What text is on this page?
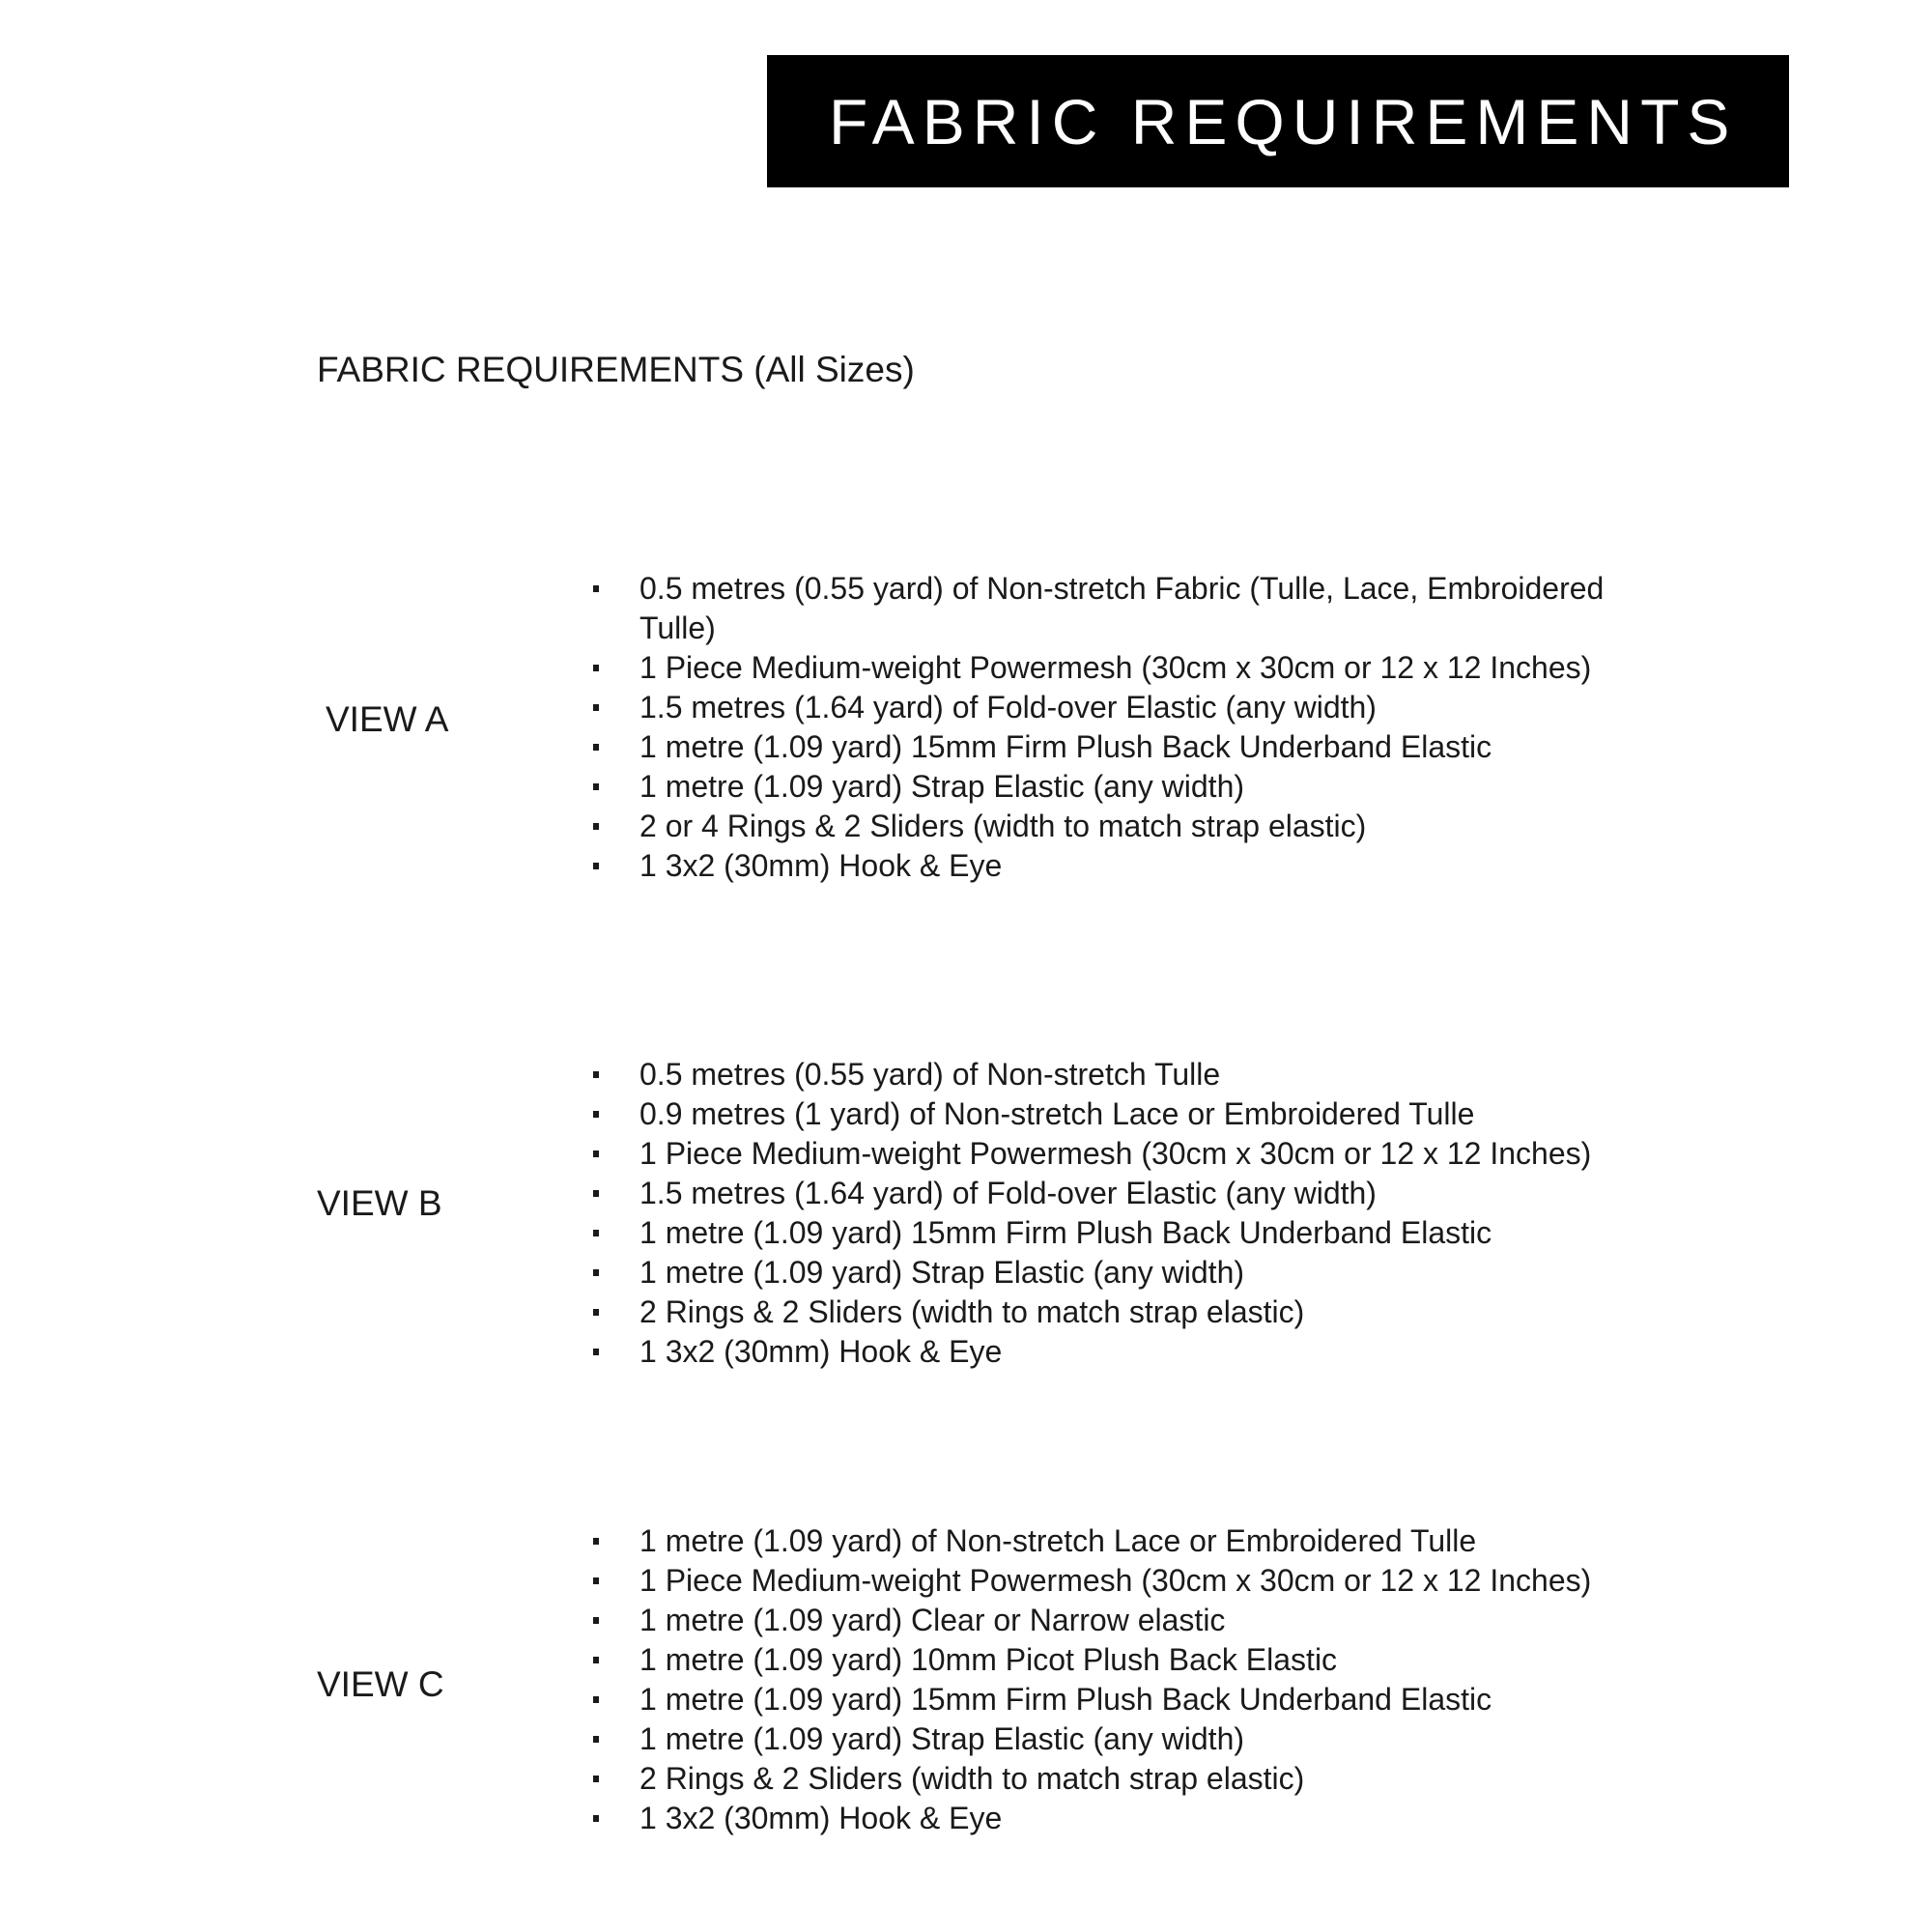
FABRIC REQUIREMENTS
FABRIC REQUIREMENTS (All Sizes)
VIEW A
0.5 metres (0.55 yard) of Non-stretch Fabric (Tulle, Lace, Embroidered Tulle)
1 Piece Medium-weight Powermesh (30cm x 30cm or 12 x 12 Inches)
1.5 metres (1.64 yard) of Fold-over Elastic (any width)
1 metre (1.09 yard) 15mm Firm Plush Back Underband Elastic
1 metre (1.09 yard) Strap Elastic (any width)
2 or 4 Rings & 2 Sliders (width to match strap elastic)
1 3x2 (30mm) Hook & Eye
VIEW B
0.5 metres (0.55 yard) of Non-stretch Tulle
0.9 metres (1 yard) of Non-stretch Lace or Embroidered Tulle
1 Piece Medium-weight Powermesh (30cm x 30cm or 12 x 12 Inches)
1.5 metres (1.64 yard) of Fold-over Elastic (any width)
1 metre (1.09 yard) 15mm Firm Plush Back Underband Elastic
1 metre (1.09 yard) Strap Elastic (any width)
2 Rings & 2 Sliders (width to match strap elastic)
1 3x2 (30mm) Hook & Eye
VIEW C
1 metre (1.09 yard) of Non-stretch Lace or Embroidered Tulle
1 Piece Medium-weight Powermesh (30cm x 30cm or 12 x 12 Inches)
1 metre (1.09 yard) Clear or Narrow elastic
1 metre (1.09 yard) 10mm Picot Plush Back Elastic
1 metre (1.09 yard) 15mm Firm Plush Back Underband Elastic
1 metre (1.09 yard) Strap Elastic (any width)
2 Rings & 2 Sliders (width to match strap elastic)
1 3x2 (30mm) Hook & Eye
